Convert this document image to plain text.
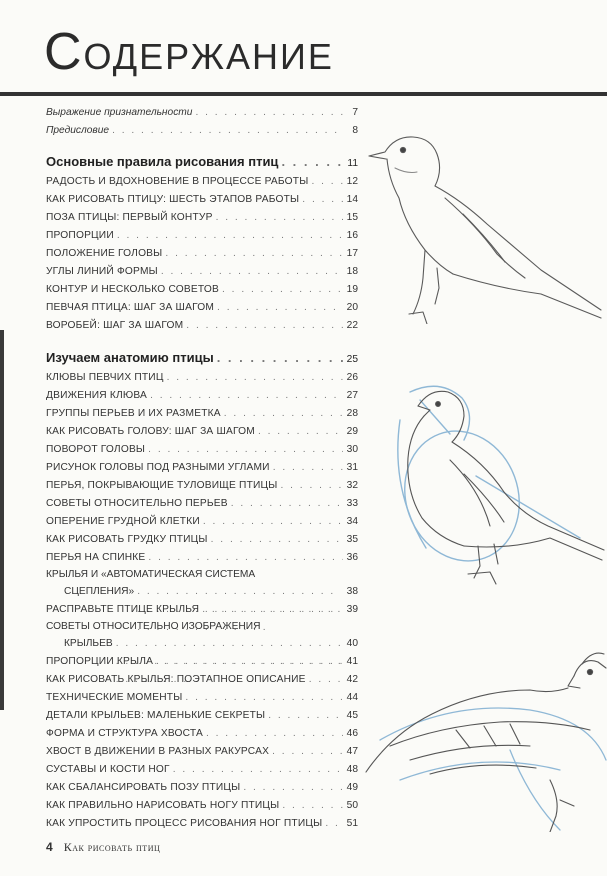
Содержание
Выражение признательности . . .	7
Предисловие . . .	8
Основные правила рисования птиц . . .	11
РАДОСТЬ И ВДОХНОВЕНИЕ В ПРОЦЕССЕ РАБОТЫ . . .	12
КАК РИСОВАТЬ ПТИЦУ: ШЕСТЬ ЭТАПОВ РАБОТЫ . . .	14
ПОЗА ПТИЦЫ: ПЕРВЫЙ КОНТУР . . .	15
ПРОПОРЦИИ . . .	16
ПОЛОЖЕНИЕ ГОЛОВЫ . . .	17
УГЛЫ ЛИНИЙ ФОРМЫ . . .	18
КОНТУР И НЕСКОЛЬКО СОВЕТОВ . . .	19
ПЕВЧАЯ ПТИЦА: ШАГ ЗА ШАГОМ . . .	20
ВОРОБЕЙ: ШАГ ЗА ШАГОМ . . .	22
Изучаем анатомию птицы . . .	25
КЛЮВЫ ПЕВЧИХ ПТИЦ . . .	26
ДВИЖЕНИЯ КЛЮВА . . .	27
ГРУППЫ ПЕРЬЕВ И ИХ РАЗМЕТКА . . .	28
КАК РИСОВАТЬ ГОЛОВУ: ШАГ ЗА ШАГОМ . . .	29
ПОВОРОТ ГОЛОВЫ . . .	30
РИСУНОК ГОЛОВЫ ПОД РАЗНЫМИ УГЛАМИ . . .	31
ПЕРЬЯ, ПОКРЫВАЮЩИЕ ТУЛОВИЩЕ ПТИЦЫ . . .	32
СОВЕТЫ ОТНОСИТЕЛЬНО ПЕРЬЕВ . . .	33
ОПЕРЕНИЕ ГРУДНОЙ КЛЕТКИ . . .	34
КАК РИСОВАТЬ ГРУДКУ ПТИЦЫ . . .	35
ПЕРЬЯ НА СПИНКЕ . . .	36
КРЫЛЬЯ И «АВТОМАТИЧЕСКАЯ СИСТЕМА
СЦЕПЛЕНИЯ» . . .	38
РАСПРАВЬТЕ ПТИЦЕ КРЫЛЬЯ . . .	39
СОВЕТЫ ОТНОСИТЕЛЬНО ИЗОБРАЖЕНИЯ
КРЫЛЬЕВ . . .	40
ПРОПОРЦИИ КРЫЛА . . .	41
КАК РИСОВАТЬ КРЫЛЬЯ: ПОЭТАПНОЕ ОПИСАНИЕ . . .	42
ТЕХНИЧЕСКИЕ МОМЕНТЫ . . .	44
ДЕТАЛИ КРЫЛЬЕВ: МАЛЕНЬКИЕ СЕКРЕТЫ . . .	45
ФОРМА И СТРУКТУРА ХВОСТА . . .	46
ХВОСТ В ДВИЖЕНИИ В РАЗНЫХ РАКУРСАХ . . .	47
СУСТАВЫ И КОСТИ НОГ . . .	48
КАК СБАЛАНСИРОВАТЬ ПОЗУ ПТИЦЫ . . .	49
КАК ПРАВИЛЬНО НАРИСОВАТЬ НОГУ ПТИЦЫ . . .	50
КАК УПРОСТИТЬ ПРОЦЕСС РИСОВАНИЯ НОГ ПТИЦЫ . . . 51
4 Как рисовать птиц
